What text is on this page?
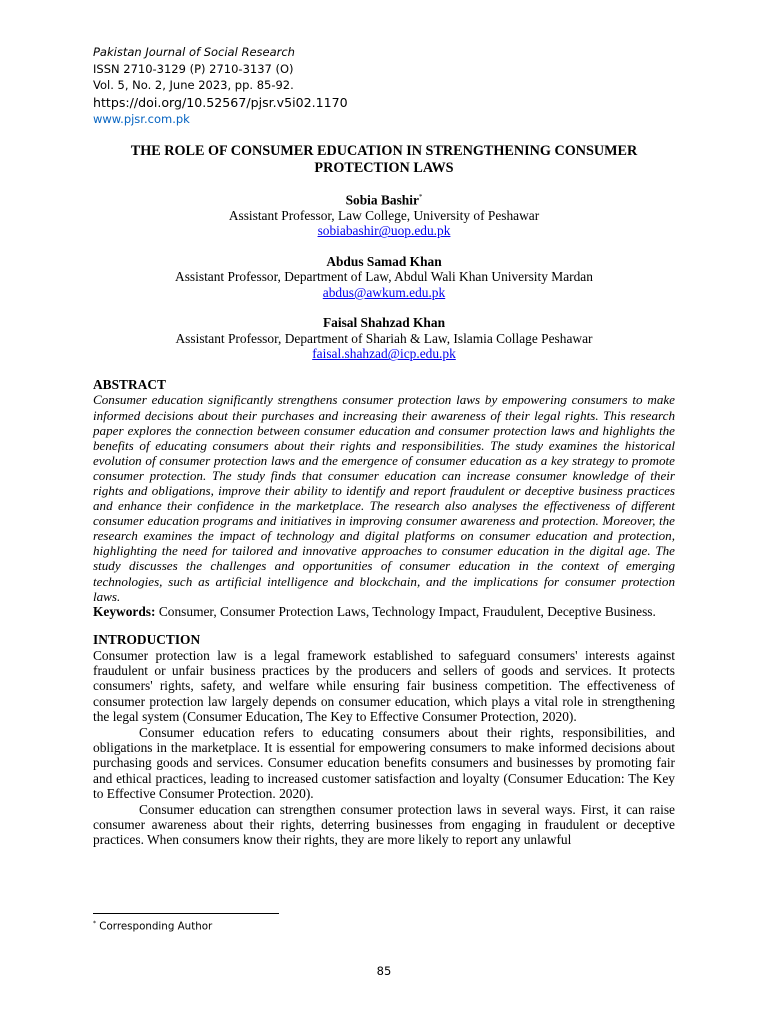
Pakistan Journal of Social Research
ISSN 2710-3129 (P) 2710-3137 (O)
Vol. 5, No. 2, June 2023, pp. 85-92.
https://doi.org/10.52567/pjsr.v5i02.1170
www.pjsr.com.pk
THE ROLE OF CONSUMER EDUCATION IN STRENGTHENING CONSUMER
PROTECTION LAWS
Sobia Bashir*
Assistant Professor, Law College, University of Peshawar
sobiabashir@uop.edu.pk
Abdus Samad Khan
Assistant Professor, Department of Law, Abdul Wali Khan University Mardan
abdus@awkum.edu.pk
Faisal Shahzad Khan
Assistant Professor, Department of Shariah & Law, Islamia Collage Peshawar
faisal.shahzad@icp.edu.pk
ABSTRACT

Consumer education significantly strengthens consumer protection laws by empowering consumers to make informed decisions about their purchases and increasing their awareness of their legal rights. This research paper explores the connection between consumer education and consumer protection laws and highlights the benefits of educating consumers about their rights and responsibilities. The study examines the historical evolution of consumer protection laws and the emergence of consumer education as a key strategy to promote consumer protection. The study finds that consumer education can increase consumer knowledge of their rights and obligations, improve their ability to identify and report fraudulent or deceptive business practices and enhance their confidence in the marketplace. The research also analyses the effectiveness of different consumer education programs and initiatives in improving consumer awareness and protection. Moreover, the research examines the impact of technology and digital platforms on consumer education and protection, highlighting the need for tailored and innovative approaches to consumer education in the digital age. The study discusses the challenges and opportunities of consumer education in the context of emerging technologies, such as artificial intelligence and blockchain, and the implications for consumer protection laws.

Keywords: Consumer, Consumer Protection Laws, Technology Impact, Fraudulent, Deceptive Business.

INTRODUCTION

Consumer protection law is a legal framework established to safeguard consumers' interests against fraudulent or unfair business practices by the producers and sellers of goods and services. It protects consumers' rights, safety, and welfare while ensuring fair business competition. The effectiveness of consumer protection law largely depends on consumer education, which plays a vital role in strengthening the legal system (Consumer Education, The Key to Effective Consumer Protection, 2020).

Consumer education refers to educating consumers about their rights, responsibilities, and obligations in the marketplace. It is essential for empowering consumers to make informed decisions about purchasing goods and services. Consumer education benefits consumers and businesses by promoting fair and ethical practices, leading to increased customer satisfaction and loyalty (Consumer Education: The Key to Effective Consumer Protection. 2020).

Consumer education can strengthen consumer protection laws in several ways. First, it can raise consumer awareness about their rights, deterring businesses from engaging in fraudulent or deceptive practices. When consumers know their rights, they are more likely to report any unlawful

* Corresponding Author
85
